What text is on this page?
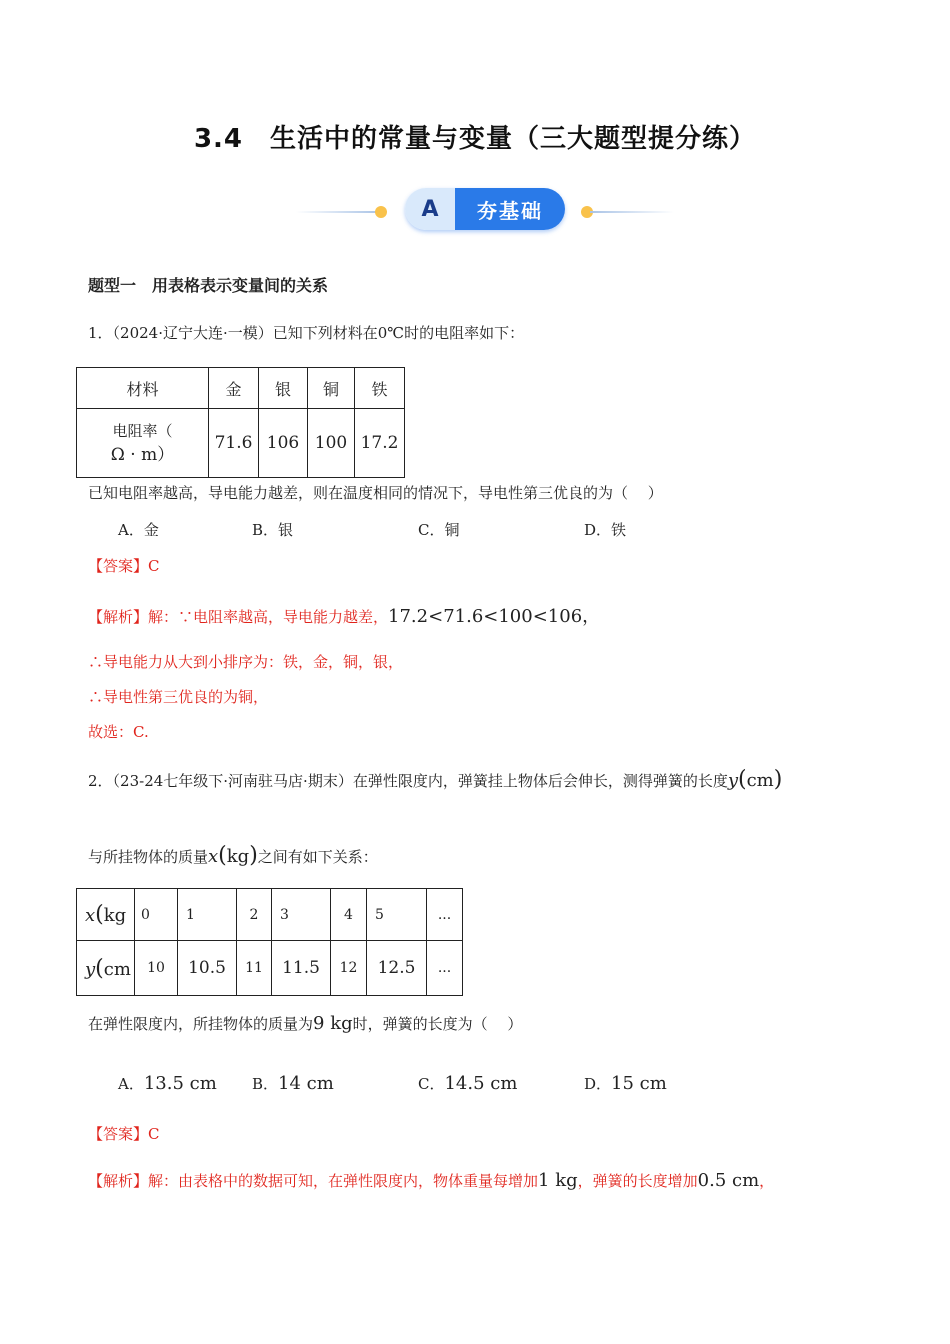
3.4　生活中的常量与变量（三大题型提分练）
A	夯基础
题型一　用表格表示变量间的关系
1．（2024·辽宁大连·一模）已知下列材料在0℃时的电阻率如下：
材料	金	银	铜	铁

电阻率（
Ω · m）	71.6	106	100	17.2
已知电阻率越高，导电能力越差，则在温度相同的情况下，导电性第三优良的为（　 ）
A．金	B．银	C．铜	D．铁
【答案】C
【解析】解：∵电阻率越高，导电能力越差，17.2<71.6<100<106，
∴导电能力从大到小排序为：铁，金，铜，银，
∴导电性第三优良的为铜，
故选：C.
2．（23-24七年级下·河南驻马店·期末）在弹性限度内，弹簧挂上物体后会伸长，测得弹簧的长度y(cm)
与所挂物体的质量x(kg)之间有如下关系：
x(kg	0	1	2	3	4	5	...
y(cm	10	10.5	11	11.5	12	12.5	...
在弹性限度内，所挂物体的质量为9 kg时，弹簧的长度为（　 ）
A．13.5 cm B．14 cm	C．14.5 cm	D．15 cm
【答案】C
【解析】解：由表格中的数据可知，在弹性限度内，物体重量每增加1 kg，弹簧的长度增加0.5 cm，
